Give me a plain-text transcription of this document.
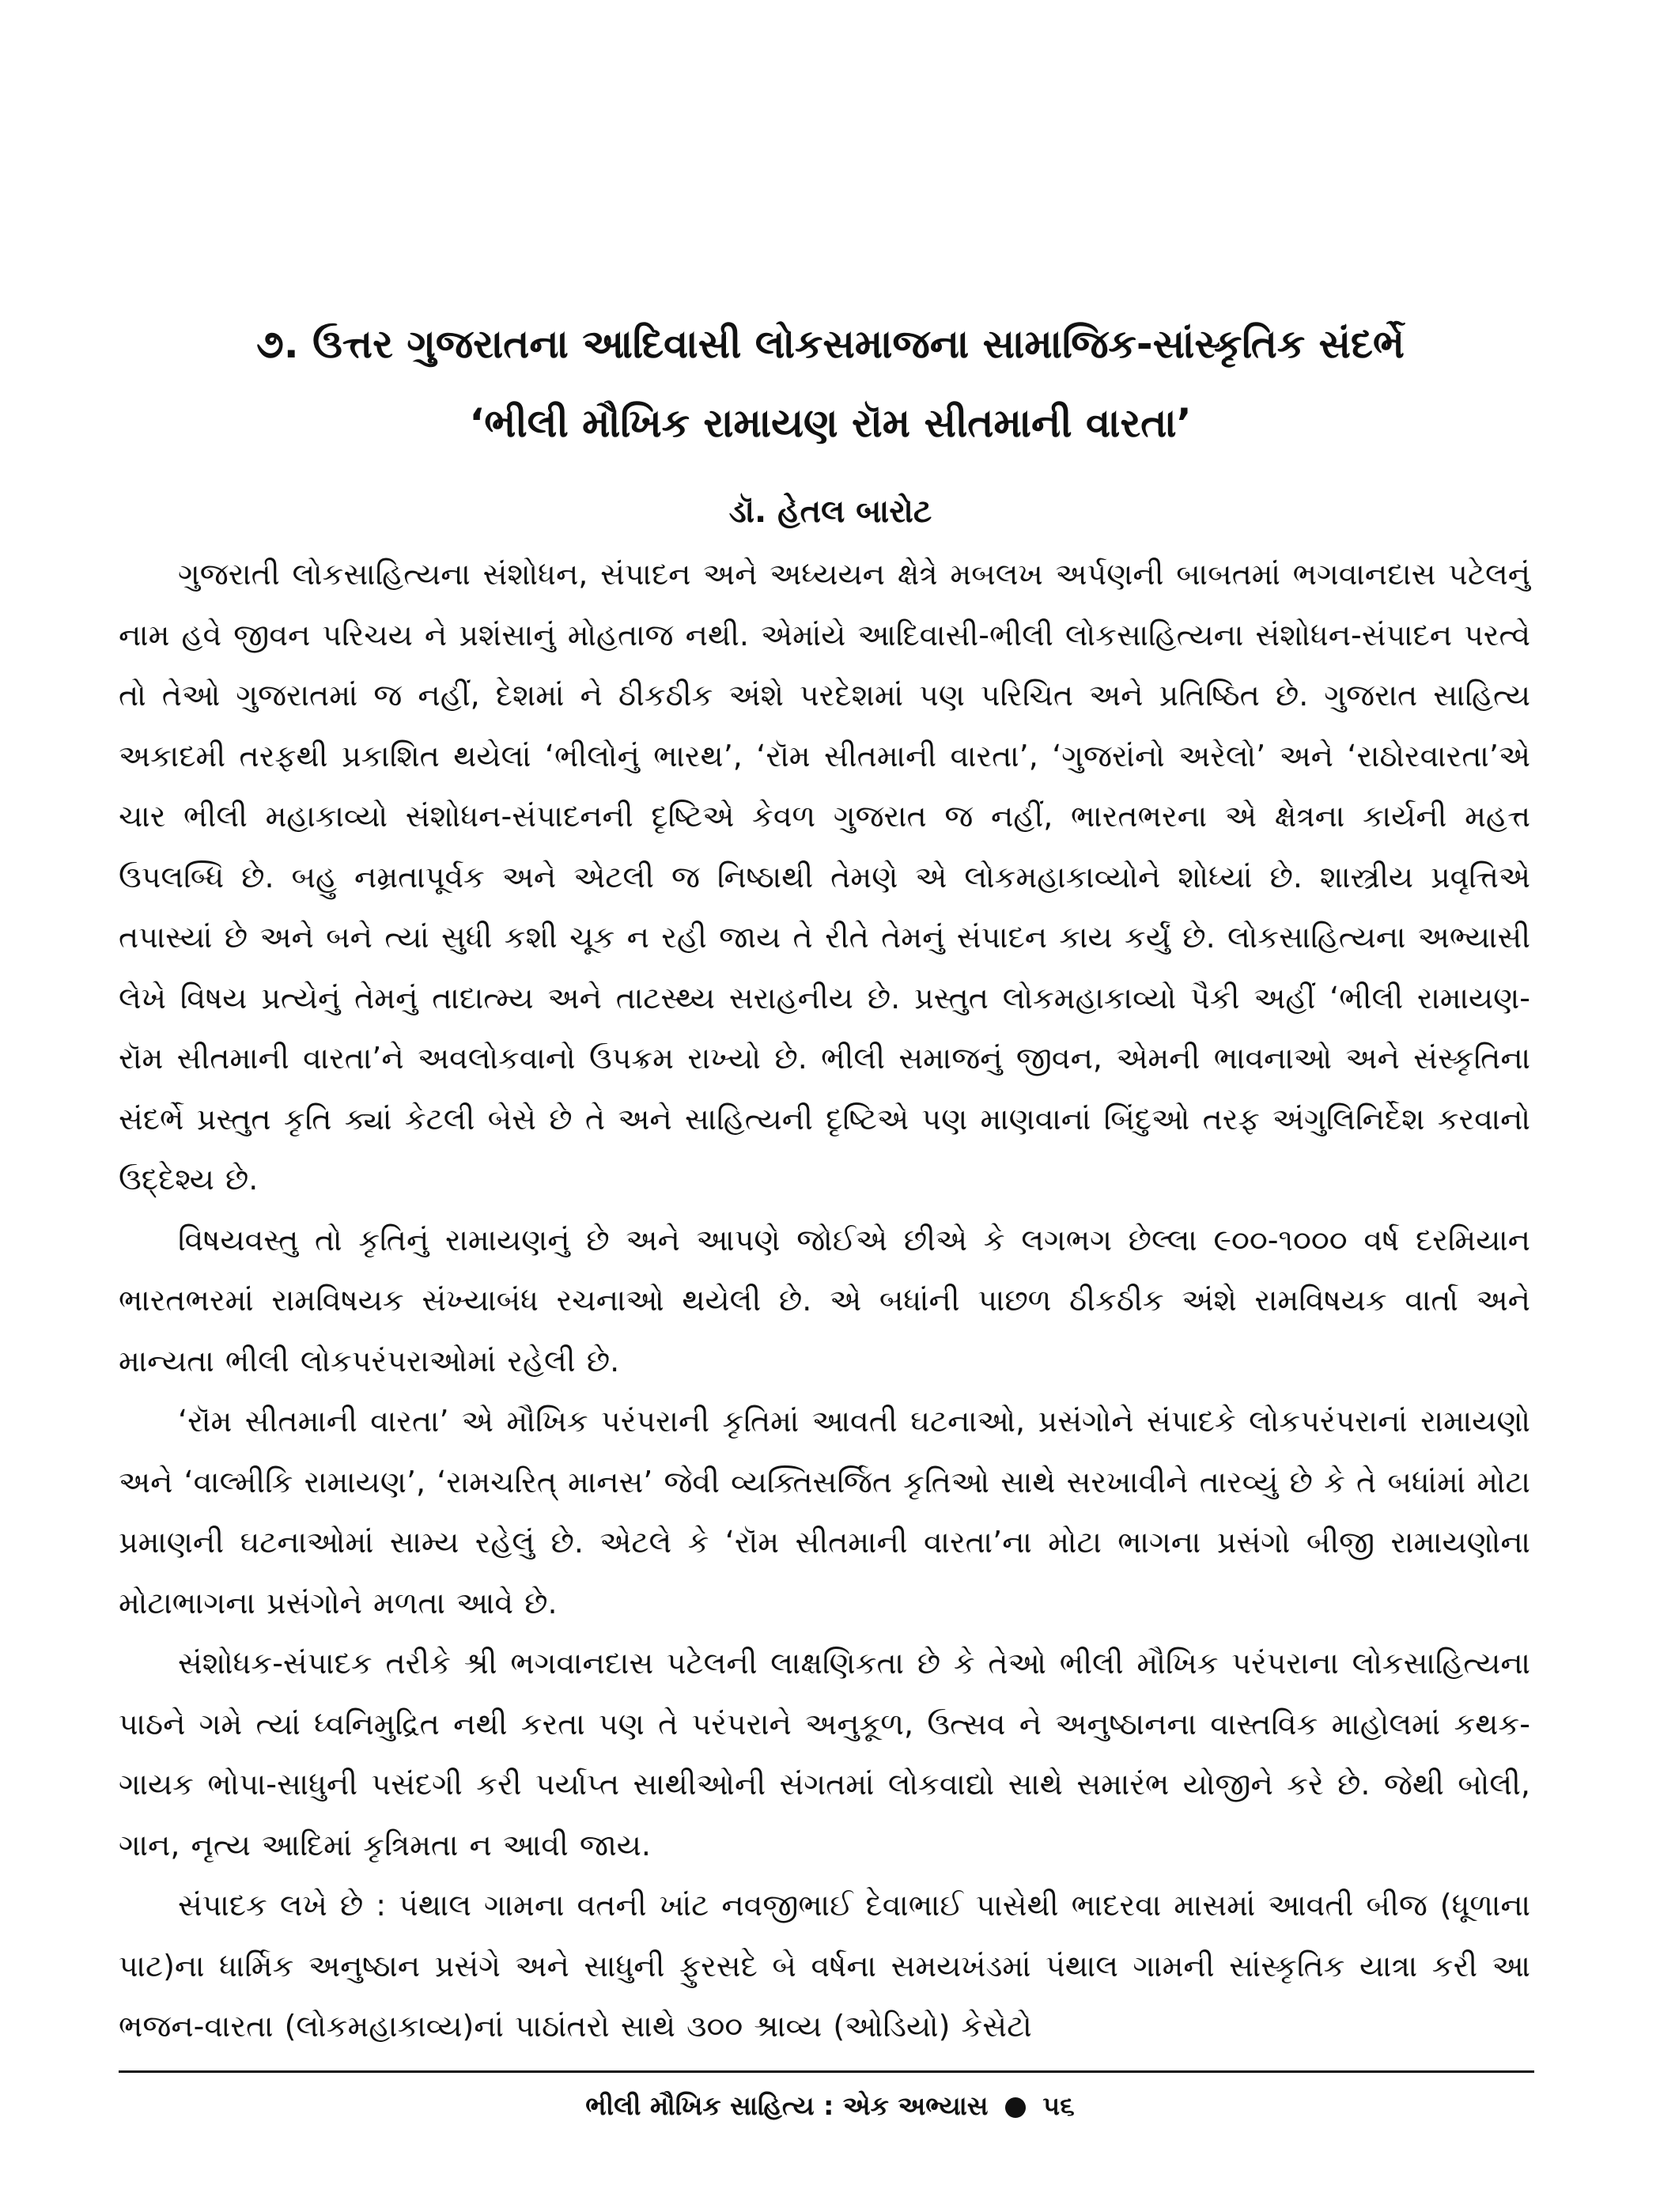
૭. ઉત્તર ગુજરાતના આદિવાસી લોકસમાજના સામાજિક-સાંસ્કૃતિક સંદર્ભે
‘ભીલી મૌખિક રામાયણ રૉમ સીતમાની વારતા’
ડૉ. હેતલ બારોટ

ગુજરાતી લોકસાહિત્યના સંશોધન, સંપાદન અને અધ્યયન ક્ષેત્રે મબલખ અર્પણની બાબતમાં ભગવાનદાસ પટેલનું નામ હવે જીવન પરિચય ને પ્રશંસાનું મોહતાજ નથી. એમાંયે આદિવાસી-ભીલી લોકસાહિત્યના સંશોધન-સંપાદન પરત્વે તો તેઓ ગુજરાતમાં જ નહીં, દેશમાં ને ઠીકઠીક અંશે પરદેશમાં પણ પરિચિત અને પ્રતિષ્ઠિત છે. ગુજરાત સાહિત્ય અકાદમી તરફથી પ્રકાશિત થયેલાં ‘ભીલોનું ભારથ’, ‘રૉમ સીતમાની વારતા’, ‘ગુજરાંનો અરેલો’ અને ‘રાઠોરવારતા’એ ચાર ભીલી મહાકાવ્યો સંશોધન-સંપાદનની દૃષ્ટિએ કેવળ ગુજરાત જ નહીં, ભારતભરના એ ક્ષેત્રના કાર્યની મહત્ત ઉપલબ્ધિ છે. બહુ નમ્રતાપૂર્વક અને એટલી જ નિષ્ઠાથી તેમણે એ લોકમહાકાવ્યોને શોધ્યાં છે. શાસ્ત્રીય પ્રવૃત્તિએ તપાસ્યાં છે અને બને ત્યાં સુધી કશી ચૂક ન રહી જાય તે રીતે તેમનું સંપાદન કાય કર્યું છે. લોકસાહિત્યના અભ્યાસી લેખે વિષય પ્રત્યેનું તેમનું તાદાત્મ્ય અને તાટસ્થ્ય સરાહનીય છે. પ્રસ્તુત લોકમહાકાવ્યો પૈકી અહીં ‘ભીલી રામાયણ-રૉમ સીતમાની વારતા’ને અવલોકવાનો ઉપક્રમ રાખ્યો છે. ભીલી સમાજનું જીવન, એમની ભાવનાઓ અને સંસ્કૃતિના સંદર્ભે પ્રસ્તુત કૃતિ ક્યાં કેટલી બેસે છે તે અને સાહિત્યની દૃષ્ટિએ પણ માણવાનાં બિંદુઓ તરફ અંગુલિનિર્દેશ કરવાનો ઉદ્દેશ્ય છે.

વિષયવસ્તુ તો કૃતિનું રામાયણનું છે અને આપણે જોઈએ છીએ કે લગભગ છેલ્લા ૯૦૦-૧૦૦૦ વર્ષ દરમિયાન ભારતભરમાં રામવિષયક સંખ્યાબંધ રચનાઓ થયેલી છે. એ બધાંની પાછળ ઠીકઠીક અંશે રામવિષયક વાર્તા અને માન્યતા ભીલી લોકપરંપરાઓમાં રહેલી છે.

‘રૉમ સીતમાની વારતા’ એ મૌખિક પરંપરાની કૃતિમાં આવતી ઘટનાઓ, પ્રસંગોને સંપાદકે લોકપરંપરાનાં રામાયણો અને ‘વાલ્મીકિ રામાયણ’, ‘રામચરિત્ માનસ’ જેવી વ્યક્તિસર્જિત કૃતિઓ સાથે સરખાવીને તારવ્યું છે કે તે બધાંમાં મોટા પ્રમાણની ઘટનાઓમાં સામ્ય રહેલું છે. એટલે કે ‘રૉમ સીતમાની વારતા’ના મોટા ભાગના પ્રસંગો બીજી રામાયણોના મોટાભાગના પ્રસંગોને મળતા આવે છે.

સંશોધક-સંપાદક તરીકે શ્રી ભગવાનદાસ પટેલની લાક્ષણિકતા છે કે તેઓ ભીલી મૌખિક પરંપરાના લોકસાહિત્યના પાઠને ગમે ત્યાં ધ્વનિમુદ્રિત નથી કરતા પણ તે પરંપરાને અનુકૂળ, ઉત્સવ ને અનુષ્ઠાનના વાસ્તવિક માહોલમાં કથક-ગાયક ભોપા-સાધુની પસંદગી કરી પર્યાપ્ત સાથીઓની સંગતમાં લોકવાદ્યો સાથે સમારંભ યોજીને કરે છે. જેથી બોલી, ગાન, નૃત્ય આદિમાં કૃત્રિમતા ન આવી જાય.

સંપાદક લખે છે : પંથાલ ગામના વતની ખાંટ નવજીભાઈ દેવાભાઈ પાસેથી ભાદરવા માસમાં આવતી બીજ (ધૂળાના પાટ)ના ધાર્મિક અનુષ્ઠાન પ્રસંગે અને સાધુની ફુરસદે બે વર્ષના સમયખંડમાં પંથાલ ગામની સાંસ્કૃતિક યાત્રા કરી આ ભજન-વારતા (લોકમહાકાવ્ય)નાં પાઠાંતરો સાથે ૩૦૦ શ્રાવ્ય (ઓડિયો) કેસેટો

ભીલી મૌખિક સાહિત્ય : એક અભ્યાસ ૫૬
